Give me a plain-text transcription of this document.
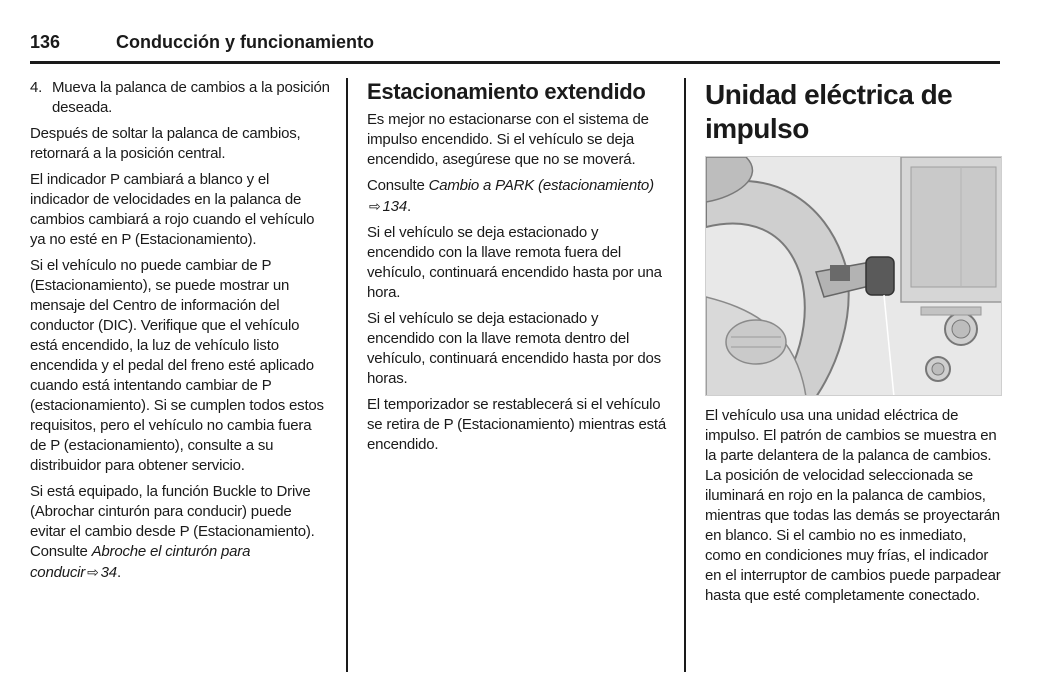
136	Conducción y funcionamiento
4. Mueva la palanca de cambios a la posición deseada.

Después de soltar la palanca de cambios, retornará a la posición central.

El indicador P cambiará a blanco y el indicador de velocidades en la palanca de cambios cambiará a rojo cuando el vehículo ya no esté en P (Estacionamiento).

Si el vehículo no puede cambiar de P (Estacionamiento), se puede mostrar un mensaje del Centro de información del conductor (DIC). Verifique que el vehículo está encendido, la luz de vehículo listo encendida y el pedal del freno esté aplicado cuando está intentando cambiar de P (estacionamiento). Si se cumplen todos estos requisitos, pero el vehículo no cambia fuera de P (estacionamiento), consulte a su distribuidor para obtener servicio.

Si está equipado, la función Buckle to Drive (Abrochar cinturón para conducir) puede evitar el cambio desde P (Estacionamiento). Consulte Abroche el cinturón para conducir ⇨ 34.

Estacionamiento extendido

Es mejor no estacionarse con el sistema de impulso encendido. Si el vehículo se deja encendido, asegúrese que no se moverá.

Consulte Cambio a PARK (estacionamiento)
⇨ 134.

Si el vehículo se deja estacionado y encendido con la llave remota fuera del vehículo, continuará encendido hasta por una hora.

Si el vehículo se deja estacionado y encendido con la llave remota dentro del vehículo, continuará encendido hasta por dos horas.

El temporizador se restablecerá si el vehículo se retira de P (Estacionamiento) mientras está encendido.

Unidad eléctrica de impulso

El vehículo usa una unidad eléctrica de impulso. El patrón de cambios se muestra en la parte delantera de la palanca de cambios. La posición de velocidad seleccionada se iluminará en rojo en la palanca de cambios, mientras que todas las demás se proyectarán en blanco. Si el cambio no es inmediato, como en condiciones muy frías, el indicador en el interruptor de cambios puede parpadear hasta que esté completamente conectado.
